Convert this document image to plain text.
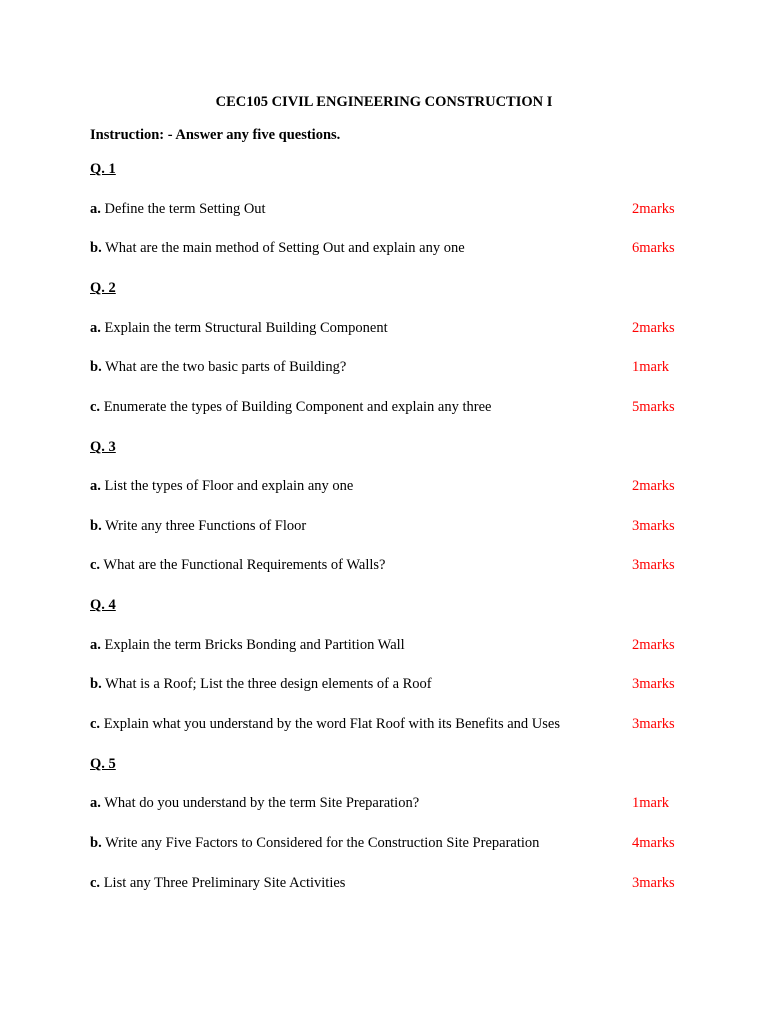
CEC105 CIVIL ENGINEERING CONSTRUCTION I
Instruction: - Answer any five questions.
Q. 1
a. Define the term Setting Out	2marks
b. What are the main method of Setting Out and explain any one	6marks
Q. 2
a. Explain the term Structural Building Component	2marks
b. What are the two basic parts of Building?	1mark
c. Enumerate the types of Building Component and explain any three	5marks
Q. 3
a. List the types of Floor and explain any one	2marks
b. Write any three Functions of Floor	3marks
c. What are the Functional Requirements of Walls?	3marks
Q. 4
a. Explain the term Bricks Bonding and Partition Wall	2marks
b. What is a Roof; List the three design elements of a Roof	3marks
c. Explain what you understand by the word Flat Roof with its Benefits and Uses	3marks
Q. 5
a. What do you understand by the term Site Preparation?	1mark
b. Write any Five Factors to Considered for the Construction Site Preparation	4marks
c. List any Three Preliminary Site Activities	3marks
